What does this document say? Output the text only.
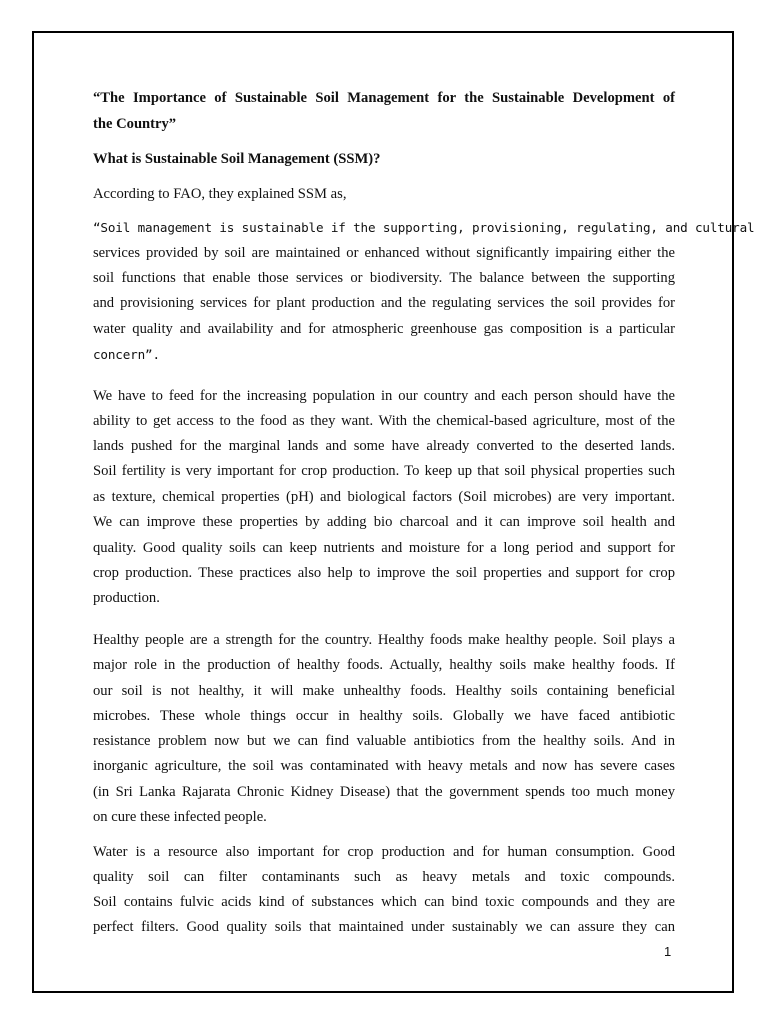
“The Importance of Sustainable Soil Management for the Sustainable Development of
the Country”
What is Sustainable Soil Management (SSM)?
According to FAO, they explained SSM as,
“Soil management is sustainable if the supporting, provisioning, regulating, and cultural
services provided by soil are maintained or enhanced without significantly impairing either the
soil functions that enable those services or biodiversity. The balance between the supporting
and provisioning services for plant production and the regulating services the soil provides for
water quality and availability and for atmospheric greenhouse gas composition is a particular
concern”.
We have to feed for the increasing population in our country and each person should have the
ability to get access to the food as they want. With the chemical-based agriculture, most of the
lands pushed for the marginal lands and some have already converted to the deserted lands.
Soil fertility is very important for crop production. To keep up that soil physical properties such
as texture, chemical properties (pH) and biological factors (Soil microbes) are very important.
We can improve these properties by adding bio charcoal and it can improve soil health and
quality. Good quality soils can keep nutrients and moisture for a long period and support for
crop production. These practices also help to improve the soil properties and support for crop
production.
Healthy people are a strength for the country. Healthy foods make healthy people. Soil plays a
major role in the production of healthy foods. Actually, healthy soils make healthy foods. If
our soil is not healthy, it will make unhealthy foods. Healthy soils containing beneficial
microbes. These whole things occur in healthy soils. Globally we have faced antibiotic
resistance problem now but we can find valuable antibiotics from the healthy soils. And in
inorganic agriculture, the soil was contaminated with heavy metals and now has severe cases
(in Sri Lanka Rajarata Chronic Kidney Disease) that the government spends too much money
on cure these infected people.
Water is a resource also important for crop production and for human consumption. Good
quality soil can filter contaminants such as heavy metals and toxic compounds.
Soil contains fulvic acids kind of substances which can bind toxic compounds and they are
perfect filters. Good quality soils that maintained under sustainably we can assure they can
1
